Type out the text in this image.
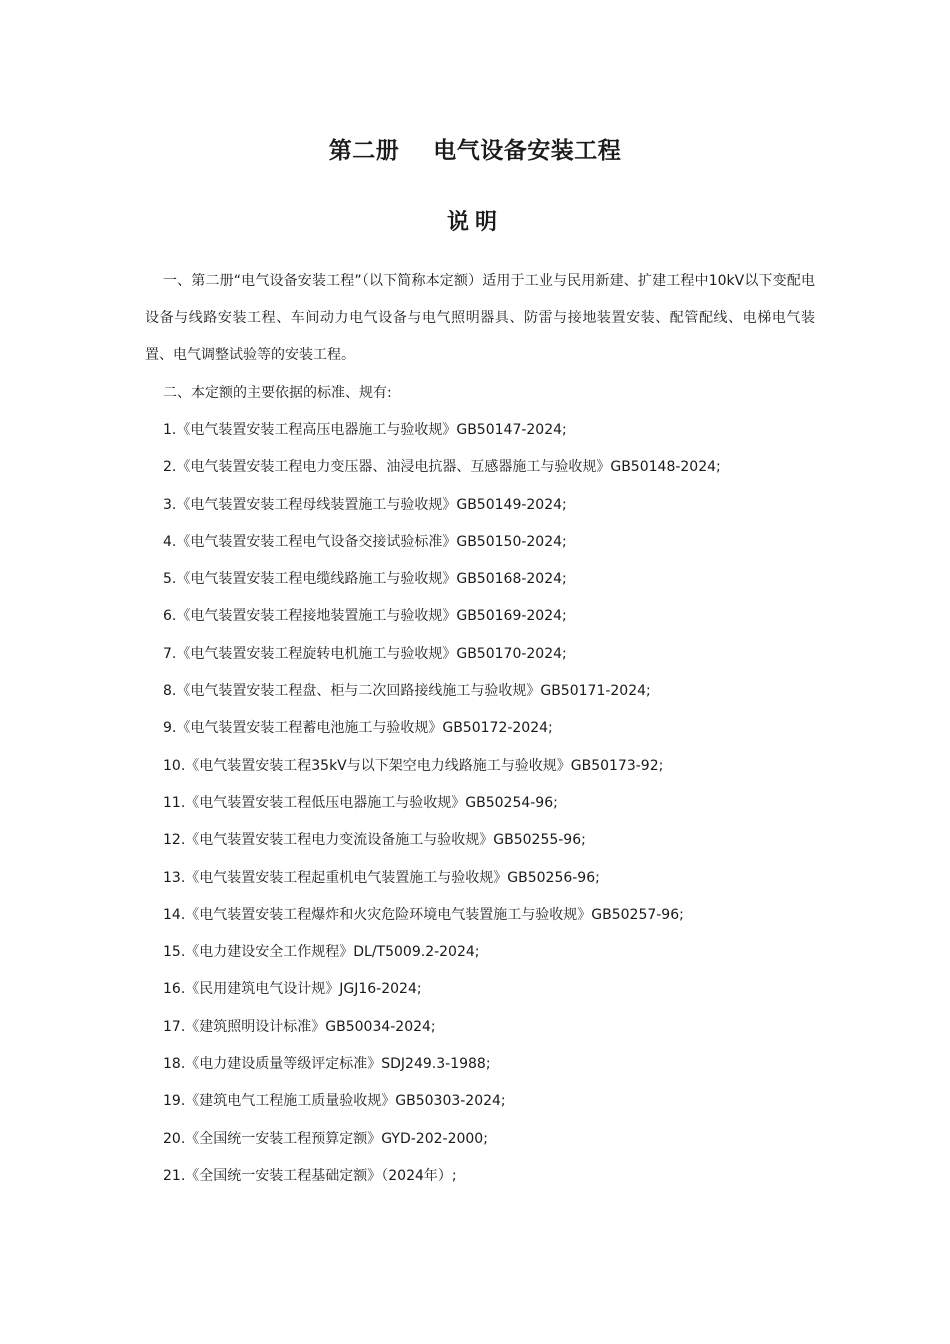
第二册    电气设备安装工程
说明
一、第二册“电气设备安装工程”（以下简称本定额）适用于工业与民用新建、扩建工程中10kV以下变配电设备与线路安装工程、车间动力电气设备与电气照明器具、防雷与接地装置安装、配管配线、电梯电气装置、电气调整试验等的安装工程。
二、本定额的主要依据的标准、规有:
1.《电气装置安装工程高压电器施工与验收规》GB50147-2024;
2.《电气装置安装工程电力变压器、油浸电抗器、互感器施工与验收规》GB50148-2024;
3.《电气装置安装工程母线装置施工与验收规》GB50149-2024;
4.《电气装置安装工程电气设备交接试验标准》GB50150-2024;
5.《电气装置安装工程电缆线路施工与验收规》GB50168-2024;
6.《电气装置安装工程接地装置施工与验收规》GB50169-2024;
7.《电气装置安装工程旋转电机施工与验收规》GB50170-2024;
8.《电气装置安装工程盘、柜与二次回路接线施工与验收规》GB50171-2024;
9.《电气装置安装工程蓄电池施工与验收规》GB50172-2024;
10.《电气装置安装工程35kV与以下架空电力线路施工与验收规》GB50173-92;
11.《电气装置安装工程低压电器施工与验收规》GB50254-96;
12.《电气装置安装工程电力变流设备施工与验收规》GB50255-96;
13.《电气装置安装工程起重机电气装置施工与验收规》GB50256-96;
14.《电气装置安装工程爆炸和火灾危险环境电气装置施工与验收规》GB50257-96;
15.《电力建设安全工作规程》DL/T5009.2-2024;
16.《民用建筑电气设计规》JGJ16-2024;
17.《建筑照明设计标准》GB50034-2024;
18.《电力建设质量等级评定标准》SDJ249.3-1988;
19.《建筑电气工程施工质量验收规》GB50303-2024;
20.《全国统一安装工程预算定额》GYD-202-2000;
21.《全国统一安装工程基础定额》（2024年）;
